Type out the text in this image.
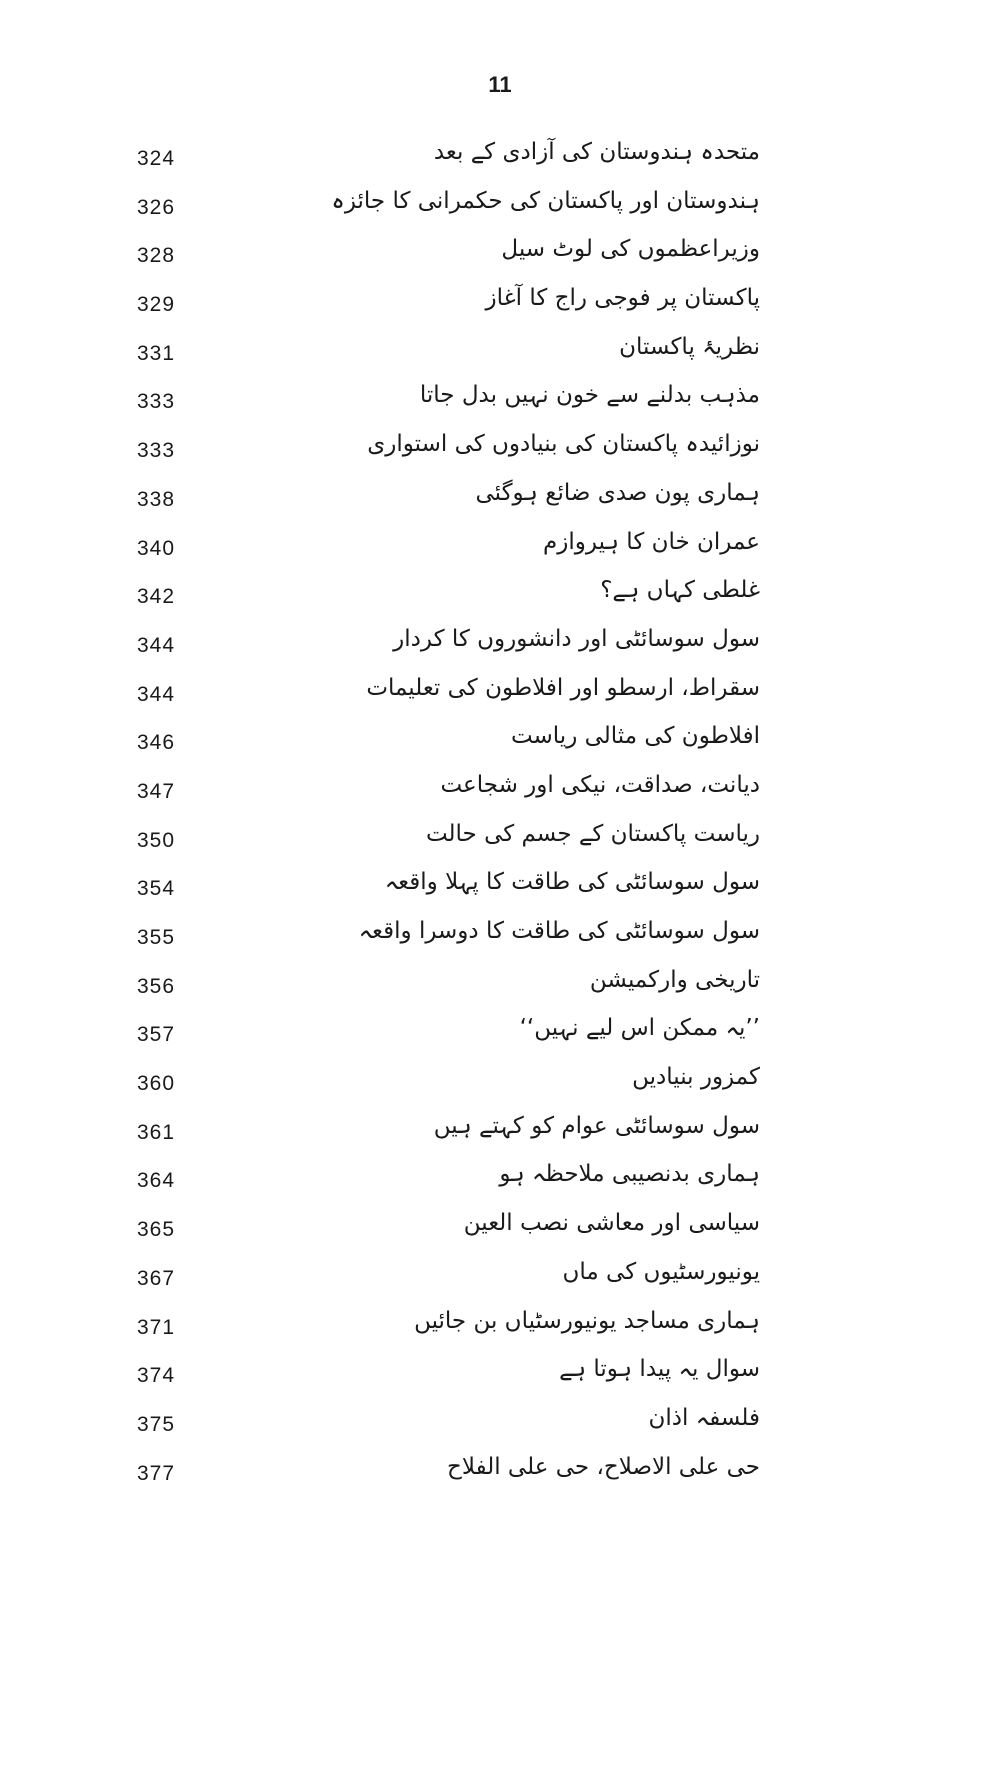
11
324	متحدہ ہندوستان کی آزادی کے بعد
326	ہندوستان اور پاکستان کی حکمرانی کا جائزہ
328	وزیراعظموں کی لوٹ سیل
329	پاکستان پر فوجی راج کا آغاز
331	نظریۂ پاکستان
333	مذہب بدلنے سے خون نہیں بدل جاتا
333	نوزائیدہ پاکستان کی بنیادوں کی استواری
338	ہماری پون صدی ضائع ہوگئی
340	عمران خان کا ہیروازم
342	غلطی کہاں ہے؟
344	سول سوسائٹی اور دانشوروں کا کردار
344	سقراط، ارسطو اور افلاطون کی تعلیمات
346	افلاطون کی مثالی ریاست
347	دیانت، صداقت، نیکی اور شجاعت
350	ریاست پاکستان کے جسم کی حالت
354	سول سوسائٹی کی طاقت کا پہلا واقعہ
355	سول سوسائٹی کی طاقت کا دوسرا واقعہ
356	تاریخی وارکمیشن
357	’’یہ ممکن اس لیے نہیں‘‘
360	کمزور بنیادیں
361	سول سوسائٹی عوام کو کہتے ہیں
364	ہماری بدنصیبی ملاحظہ ہو
365	سیاسی اور معاشی نصب العین
367	یونیورسٹیوں کی ماں
371	ہماری مساجد یونیورسٹیاں بن جائیں
374	سوال یہ پیدا ہوتا ہے
375	فلسفہ اذان
377	حی علی الاصلاح، حی علی الفلاح
